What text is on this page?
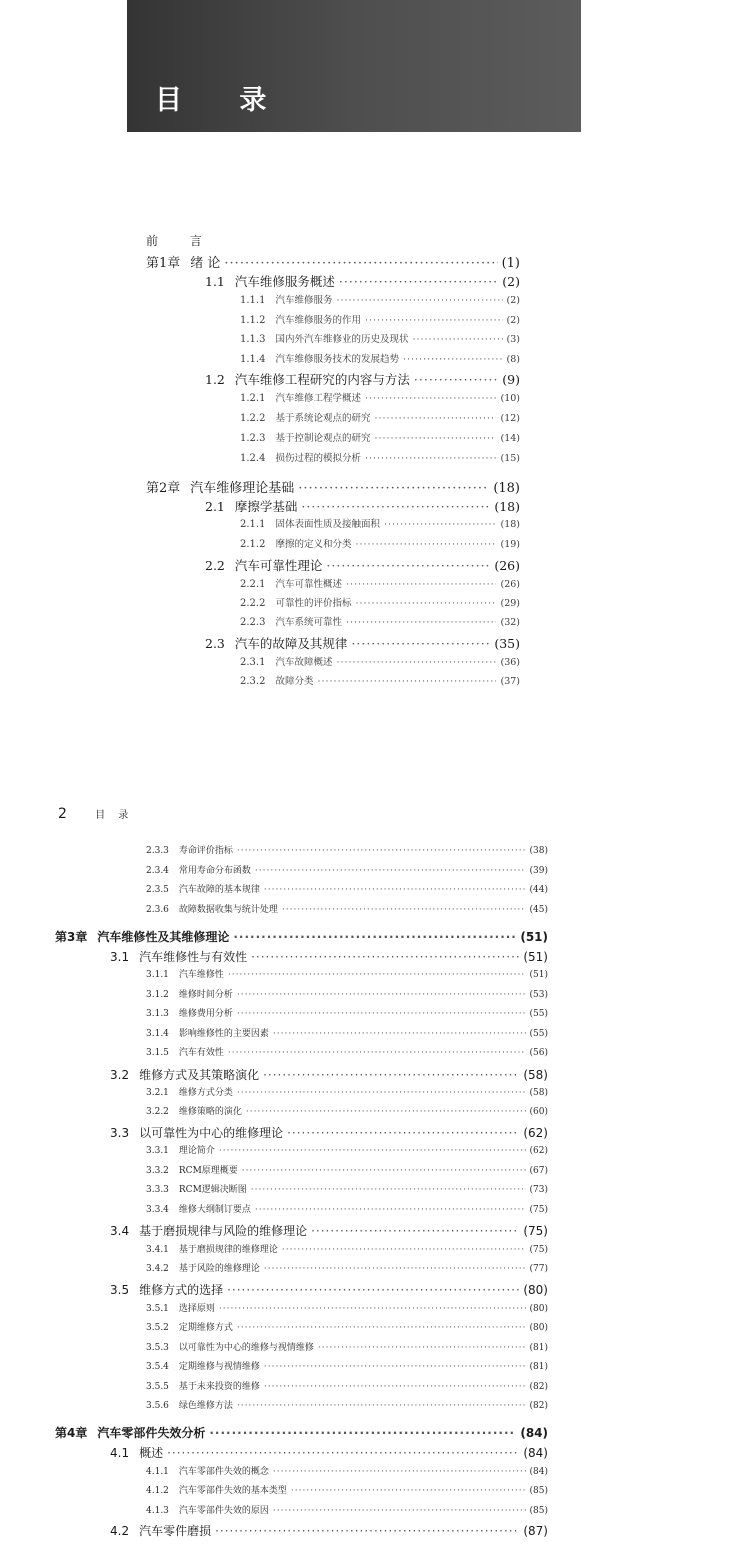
目 录
前 言
第1章 绪 论 ·····	(1)
1.1 汽车维修服务概述 ·····	(2)
1.1.1 汽车维修服务 ·····	(2)
1.1.2 汽车维修服务的作用 ·····	(2)
1.1.3 国内外汽车维修业的历史及现状 ·····	(3)
1.1.4 汽车维修服务技术的发展趋势 ·····	(8)
1.2 汽车维修工程研究的内容与方法 ·····	(9)
1.2.1 汽车维修工程学概述 ·····	(10)
1.2.2 基于系统论观点的研究 ·····	(12)
1.2.3 基于控制论观点的研究 ·····	(14)
1.2.4 损伤过程的模拟分析 ·····	(15)
第2章 汽车维修理论基础 ·····	(18)
2.1 摩擦学基础 ·····	(18)
2.1.1 固体表面性质及接触面积 ·····	(18)
2.1.2 摩擦的定义和分类 ·····	(19)
2.2 汽车可靠性理论 ·····	(26)
2.2.1 汽车可靠性概述 ·····	(26)
2.2.2 可靠性的评价指标 ·····	(29)
2.2.3 汽车系统可靠性 ·····	(32)
2.3 汽车的故障及其规律 ·····	(35)
2.3.1 汽车故障概述 ·····	(36)
2.3.2 故障分类 ·····	(37)
2	目 录
2.3.3 寿命评价指标 ·····	(38)
2.3.4 常用寿命分布函数 ·····	(39)
2.3.5 汽车故障的基本规律 ·····	(44)
2.3.6 故障数据收集与统计处理 ·····	(45)
第3章 汽车维修性及其维修理论 ·····	(51)
3.1 汽车维修性与有效性 ·····	(51)
3.1.1 汽车维修性 ·····	(51)
3.1.2 维修时间分析 ·····	(53)
3.1.3 维修费用分析 ·····	(55)
3.1.4 影响维修性的主要因素 ·····	(55)
3.1.5 汽车有效性 ·····	(56)
3.2 维修方式及其策略演化 ·····	(58)
3.2.1 维修方式分类 ·····	(58)
3.2.2 维修策略的演化 ·····	(60)
3.3 以可靠性为中心的维修理论 ·····	(62)
3.3.1 理论简介 ·····	(62)
3.3.2 RCM原理概要 ·····	(67)
3.3.3 RCM逻辑决断图 ·····	(73)
3.3.4 维修大纲制订要点 ·····	(75)
3.4 基于磨损规律与风险的维修理论 ·····	(75)
3.4.1 基于磨损规律的维修理论 ·····	(75)
3.4.2 基于风险的维修理论 ·····	(77)
3.5 维修方式的选择 ·····	(80)
3.5.1 选择原则 ·····	(80)
3.5.2 定期维修方式 ·····	(80)
3.5.3 以可靠性为中心的维修与视情维修 ·····	(81)
3.5.4 定期维修与视情维修 ·····	(81)
3.5.5 基于未来投资的维修 ·····	(82)
3.5.6 绿色维修方法 ·····	(82)
第4章 汽车零部件失效分析 ·····	(84)
4.1 概述 ·····	(84)
4.1.1 汽车零部件失效的概念 ·····	(84)
4.1.2 汽车零部件失效的基本类型 ·····	(85)
4.1.3 汽车零部件失效的原因 ·····	(85)
4.2 汽车零件磨损 ·····	(87)
